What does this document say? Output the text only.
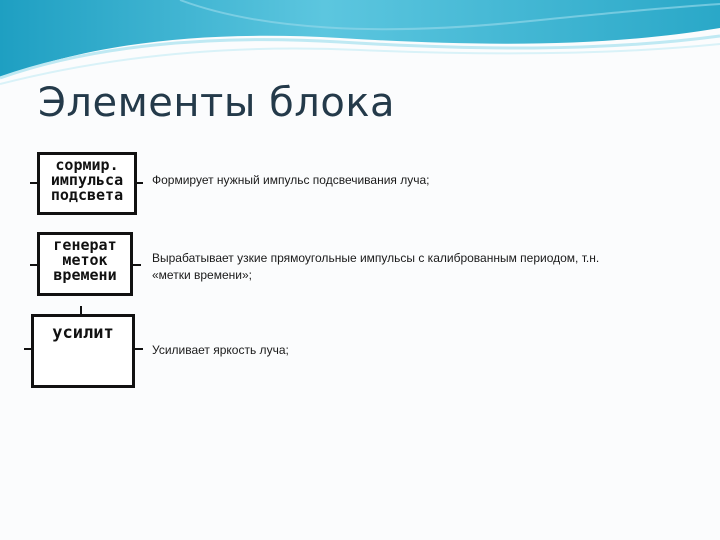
Элементы блока
сормир.
импульса
подсвета
Формирует нужный импульс подсвечивания луча;
генерат
меток
времени
Вырабатывает узкие прямоугольные импульсы с калиброванным периодом, т.н.
«метки времени»;
усилит
Усиливает яркость луча;
